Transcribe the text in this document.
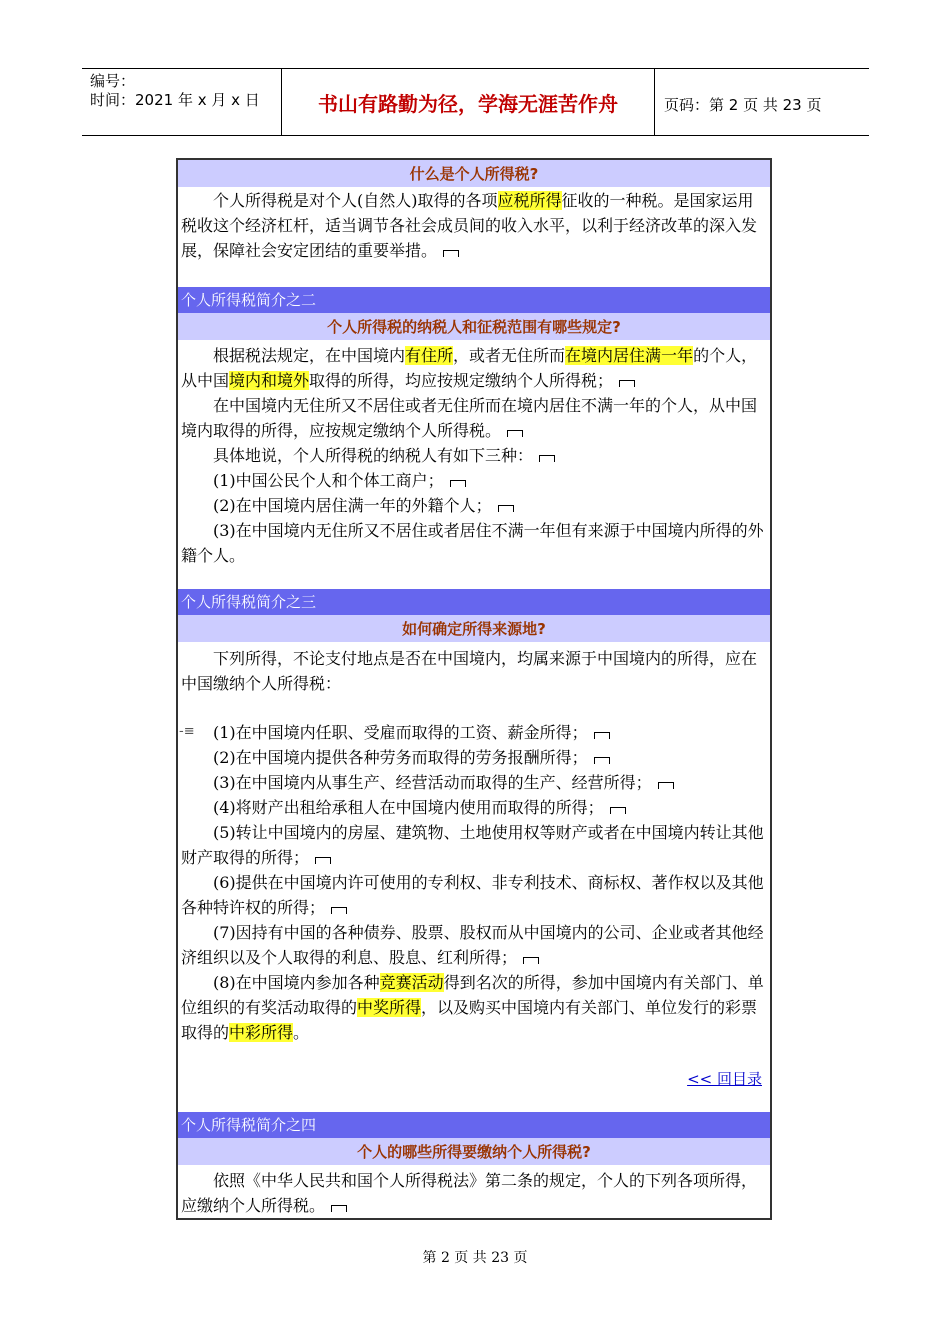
编号：
时间：2021 年 x 月 x 日	书山有路勤为径，学海无涯苦作舟	页码：第 2 页 共 23 页
什么是个人所得税?
个人所得税是对个人(自然人)取得的各项应税所得征收的一种税。是国家运用税收这个经济杠杆，适当调节各社会成员间的收入水平，以利于经济改革的深入发展，保障社会安定团结的重要举措。
个人所得税简介之二
个人所得税的纳税人和征税范围有哪些规定?
根据税法规定，在中国境内有住所，或者无住所而在境内居住满一年的个人，从中国境内和境外取得的所得，均应按规定缴纳个人所得税；
在中国境内无住所又不居住或者无住所而在境内居住不满一年的个人，从中国境内取得的所得，应按规定缴纳个人所得税。
具体地说，个人所得税的纳税人有如下三种：
(1)中国公民个人和个体工商户；
(2)在中国境内居住满一年的外籍个人；
(3)在中国境内无住所又不居住或者居住不满一年但有来源于中国境内所得的外籍个人。
个人所得税简介之三
如何确定所得来源地?
下列所得，不论支付地点是否在中国境内，均属来源于中国境内的所得，应在中国缴纳个人所得税：
-≡	(1)在中国境内任职、受雇而取得的工资、薪金所得；
(2)在中国境内提供各种劳务而取得的劳务报酬所得；
(3)在中国境内从事生产、经营活动而取得的生产、经营所得；
(4)将财产出租给承租人在中国境内使用而取得的所得；
(5)转让中国境内的房屋、建筑物、土地使用权等财产或者在中国境内转让其他财产取得的所得；
(6)提供在中国境内许可使用的专利权、非专利技术、商标权、著作权以及其他各种特许权的所得；
(7)因持有中国的各种债券、股票、股权而从中国境内的公司、企业或者其他经济组织以及个人取得的利息、股息、红利所得；
(8)在中国境内参加各种竞赛活动得到名次的所得，参加中国境内有关部门、单位组织的有奖活动取得的中奖所得，以及购买中国境内有关部门、单位发行的彩票取得的中彩所得。
<< 回目录
个人所得税简介之四
个人的哪些所得要缴纳个人所得税?
依照《中华人民共和国个人所得税法》第二条的规定，个人的下列各项所得，应缴纳个人所得税。
第 2 页 共 23 页
